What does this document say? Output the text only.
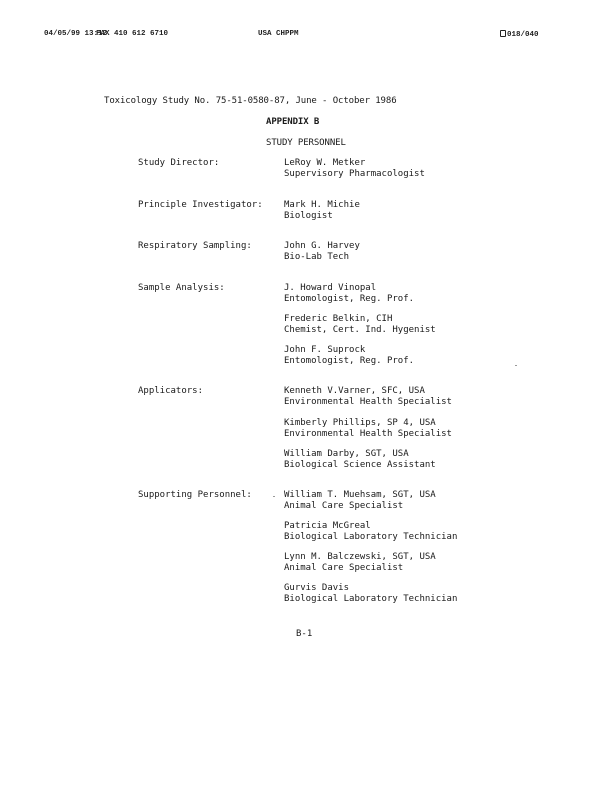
04/05/99 13:12
FAX 410 612 6710	USA CHPPM	018/040
Toxicology Study No. 75-51-0580-87, June - October 1986
APPENDIX B
STUDY PERSONNEL
Study Director:	LeRoy W. Metker
Supervisory Pharmacologist
Principle Investigator: Mark H. Michie
Biologist
Respiratory Sampling:	John G. Harvey
Bio-Lab Tech
Sample Analysis:	J. Howard Vinopal
Entomologist, Reg. Prof.
Frederic Belkin, CIH
Chemist, Cert. Ind. Hygenist
John F. Suprock
Entomologist, Reg. Prof.
Applicators:	Kenneth V.Varner, SFC, USA
Environmental Health Specialist
Kimberly Phillips, SP 4, USA
Environmental Health Specialist
William Darby, SGT, USA
Biological Science Assistant
Supporting Personnel:	William T. Muehsam, SGT, USA
Animal Care Specialist
Patricia McGreal
Biological Laboratory Technician
Lynn M. Balczewski, SGT, USA
Animal Care Specialist
Gurvis Davis
Biological Laboratory Technician
B-1
